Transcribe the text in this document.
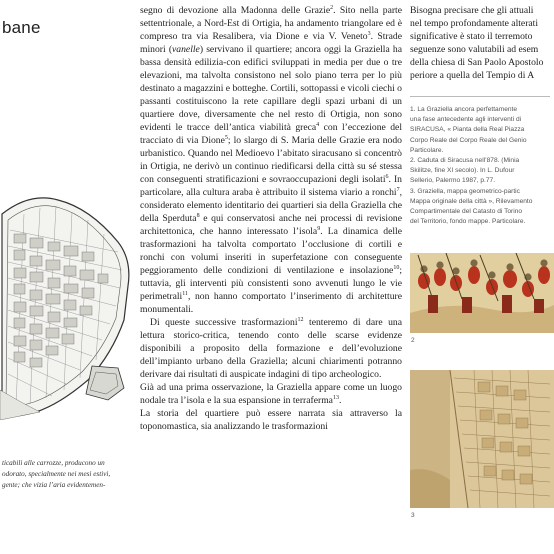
bane
ticabili alle carrozze, producono un
odorato, specialmente nei mesi estivi,
gente; che vizia l’aria evidentemen-

segno di devozione alla Madonna delle Grazie$^2$. Sito nella parte settentrionale, a Nord-Est di Ortigia, ha andamento triangolare ed è compreso tra via Resalibera, via Dione e via V. Veneto$^3$. Strade minori (vanelle) servivano il quartiere; ancora oggi la Graziella ha bassa densità edilizia-con edifici sviluppati in media per due o tre elevazioni, ma talvolta consistono nel solo piano terra per lo più destinato a magazzini e botteghe. Cortili, sottopassi e vicoli ciechi o passanti costituiscono la rete capillare degli spazi urbani di un quartiere dove, diversamente che nel resto di Ortigia, non sono evidenti le tracce dell’antica viabilità greca$^4$ con l’eccezione del tracciato di via Dione$^5$; lo slargo di S. Maria delle Grazie era nodo urbanistico. Quando nel Medioevo l’abitato siracusano si concentrò in Ortigia, ne derivò un continuo riedificarsi della città su sé stessa con conseguenti stratificazioni e sovraoccupazioni degli isolati$^6$. In particolare, alla cultura araba è attribuito il sistema viario a ronchi$^7$, considerato elemento identitario dei quartieri sia della Graziella che della Sperduta$^8$ e qui conservatosi anche nei processi di revisione architettonica, che hanno interessato l’isola$^9$. La dinamica delle trasformazioni ha talvolta comportato l’occlusione di cortili e ronchi con volumi inseriti in superfetazione con conseguente peggioramento delle condizioni di ventilazione e insolazione$^{10}$; tuttavia, gli interventi più consistenti sono avvenuti lungo le vie perimetrali$^{11}$, non hanno comportato l’inserimento di architetture monumentali.

Di queste successive trasformazioni$^{12}$ tenteremo di dare una lettura storico-critica, tenendo conto delle scarse evidenze disponibili a proposito della formazione e dell’evoluzione dell’impianto urbano della Graziella; alcuni chiarimenti potranno derivare dai risultati di auspicate indagini di tipo archeologico.

Già ad una prima osservazione, la Graziella appare come un luogo nodale tra l’isola e la sua espansione in terraferma$^{13}$.

La storia del quartiere può essere narrata sia attraverso la toponomastica, sia analizzando le trasformazioni

Bisogna precisare che gli attuali
nel tempo profondamente alterati
significative è stato il terremoto
seguenze sono valutabili ad esem
della chiesa di San Paolo Apostolo
periore a quella del Tempio di A
1. La Graziella ancora perfettamente
una fase antecedente agli interventi di
SIRACUSA, « Pianta della Real Piazza
Corpo Reale del Corpo Reale del Genio
Particolare.
2. Caduta di Siracusa nell’878. (Minia
Skilitze, fine XI secolo). In L. Dufour
Sellerio, Palermo 1987, p.77.
3. Graziella, mappa geometrico-partic
Mappa originale della città », Rilevamento
Compartimentale del Catasto di Torino
del Territorio, fondo mappe. Particolare.
2
3
